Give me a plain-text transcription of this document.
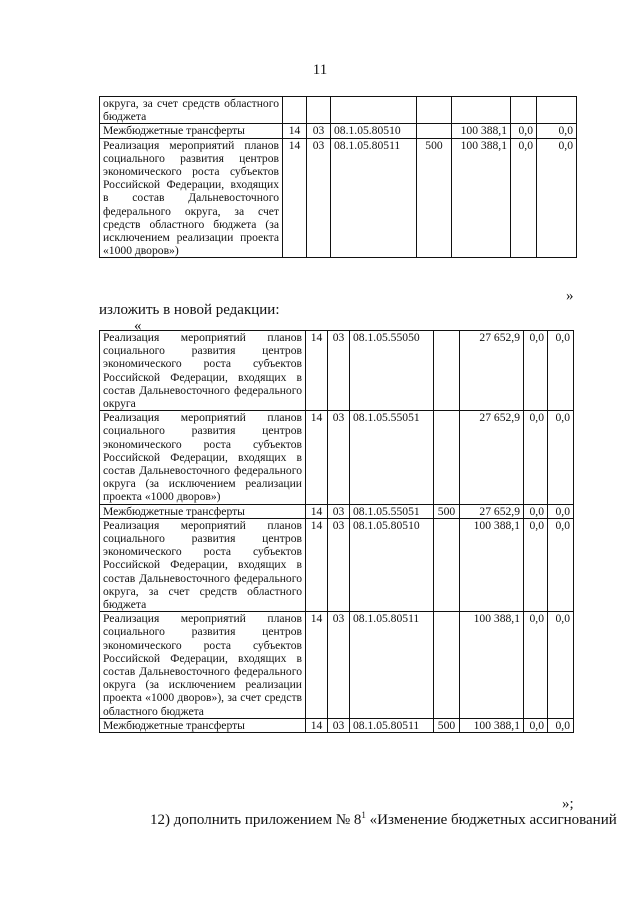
11
округа, за счет средств областного бюджета							
Межбюджетные трансферты	14	03	08.1.05.80510		100 388,1	0,0	0,0
Реализация мероприятий планов социального развития центров экономического роста субъектов Российской Федерации, входящих в состав Дальневосточного федерального округа, за счет средств областного бюджета (за исключением реализации проекта «1000 дворов»)	14	03	08.1.05.80511	500	100 388,1	0,0	0,0
»
изложить в новой редакции:
«
Реализация мероприятий планов социального развития центров экономического роста субъектов Российской Федерации, входящих в состав Дальневосточного федерального округа	14	03	08.1.05.55050		27 652,9	0,0	0,0
Реализация мероприятий планов социального развития центров экономического роста субъектов Российской Федерации, входящих в состав Дальневосточного федерального округа (за исключением реализации проекта «1000 дворов»)	14	03	08.1.05.55051		27 652,9	0,0	0,0
Межбюджетные трансферты	14	03	08.1.05.55051	500	27 652,9	0,0	0,0
Реализация мероприятий планов социального развития центров экономического роста субъектов Российской Федерации, входящих в состав Дальневосточного федерального округа, за счет средств областного бюджета	14	03	08.1.05.80510		100 388,1	0,0	0,0
Реализация мероприятий планов социального развития центров экономического роста субъектов Российской Федерации, входящих в состав Дальневосточного федерального округа (за исключением реализации проекта «1000 дворов»), за счет средств областного бюджета	14	03	08.1.05.80511		100 388,1	0,0	0,0
Межбюджетные трансферты	14	03	08.1.05.80511	500	100 388,1	0,0	0,0
»;
12) дополнить приложением № $8^1$ «Изменение бюджетных ассигнований
